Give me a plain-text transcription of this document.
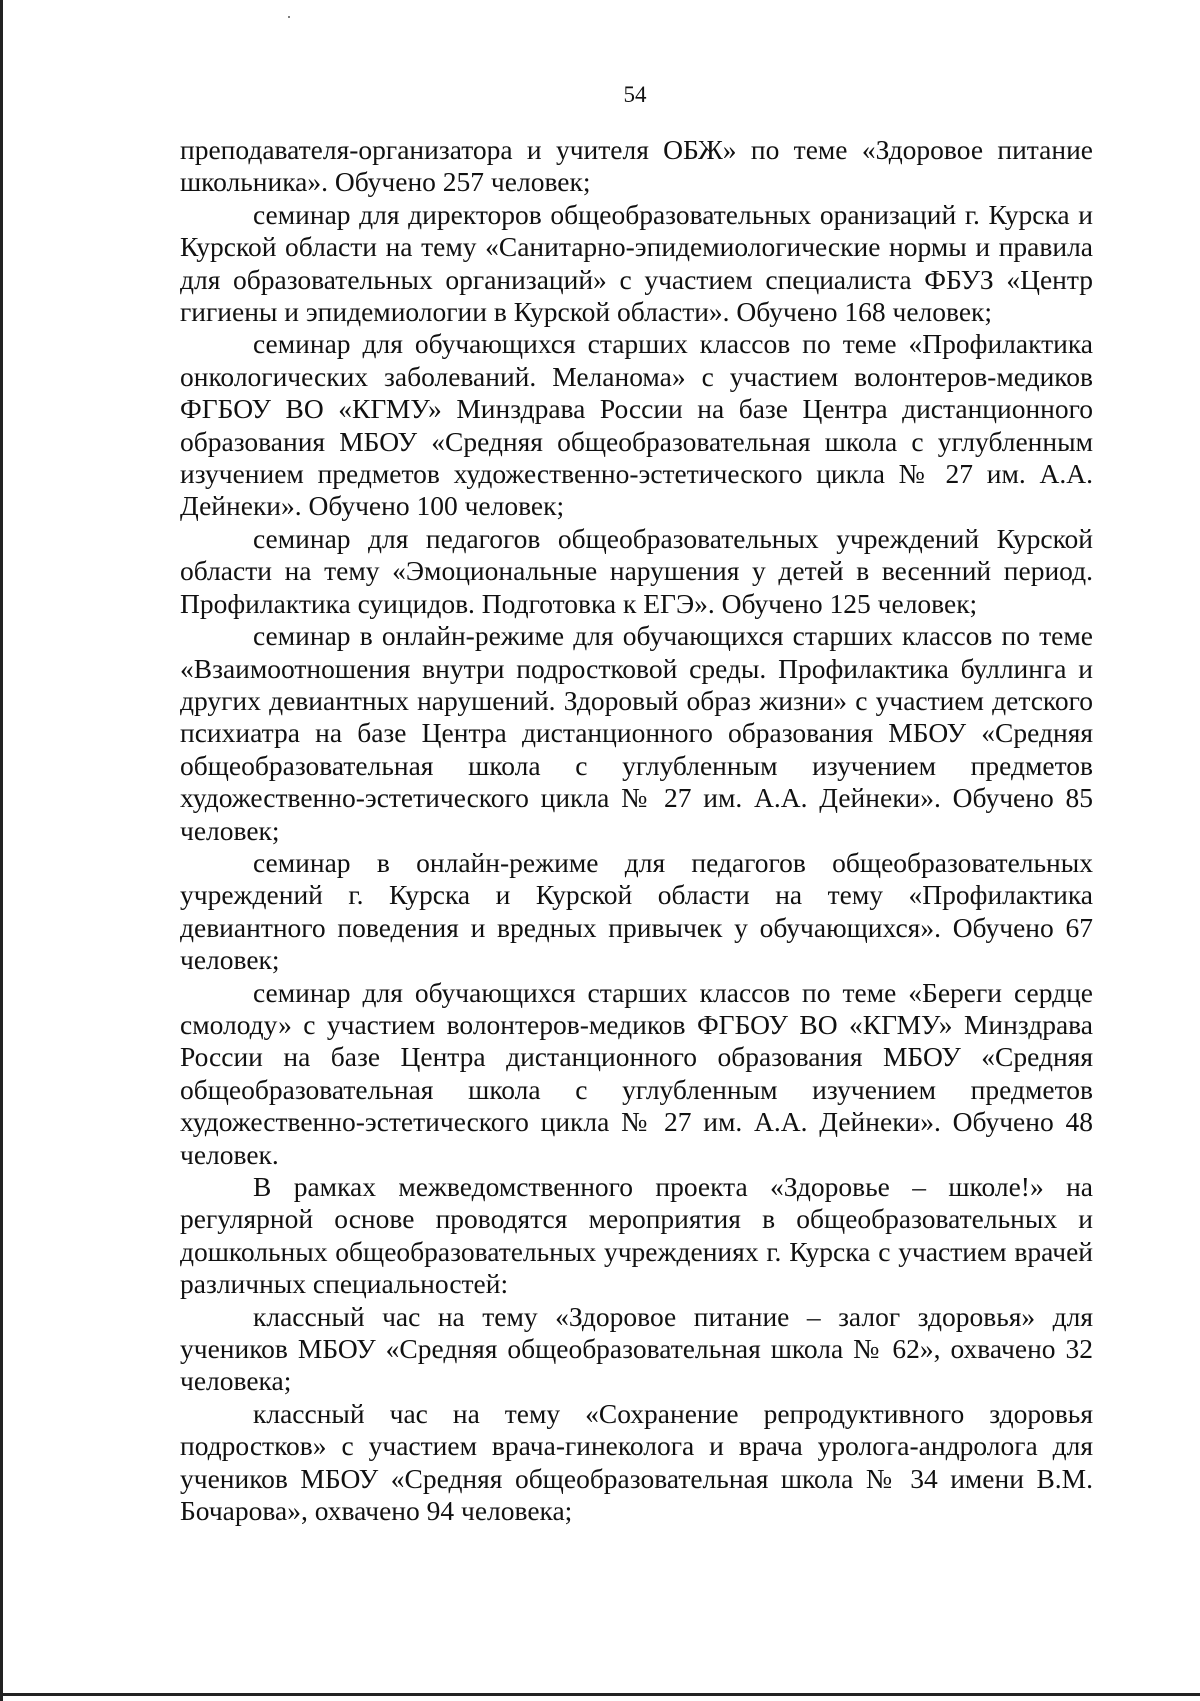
54

преподавателя-организатора и учителя ОБЖ» по теме «Здоровое питание школьника». Обучено 257 человек;

семинар для директоров общеобразовательных оранизаций г. Курска и Курской области на тему «Санитарно-эпидемиологические нормы и правила для образовательных организаций» с участием специалиста ФБУЗ «Центр гигиены и эпидемиологии в Курской области». Обучено 168 человек;

семинар для обучающихся старших классов по теме «Профилактика онкологических заболеваний. Меланома» с участием волонтеров-медиков ФГБОУ ВО «КГМУ» Минздрава России на базе Центра дистанционного образования МБОУ «Средняя общеобразовательная школа с углубленным изучением предметов художественно-эстетического цикла № 27 им. А.А. Дейнеки». Обучено 100 человек;

семинар для педагогов общеобразовательных учреждений Курской области на тему «Эмоциональные нарушения у детей в весенний период. Профилактика суицидов. Подготовка к ЕГЭ». Обучено 125 человек;

семинар в онлайн-режиме для обучающихся старших классов по теме «Взаимоотношения внутри подростковой среды. Профилактика буллинга и других девиантных нарушений. Здоровый образ жизни» с участием детского психиатра на базе Центра дистанционного образования МБОУ «Средняя общеобразовательная школа с углубленным изучением предметов художественно-эстетического цикла № 27 им. А.А. Дейнеки». Обучено 85 человек;

семинар в онлайн-режиме для педагогов общеобразовательных учреждений г. Курска и Курской области на тему «Профилактика девиантного поведения и вредных привычек у обучающихся». Обучено 67 человек;

семинар для обучающихся старших классов по теме «Береги сердце смолоду» с участием волонтеров-медиков ФГБОУ ВО «КГМУ» Минздрава России на базе Центра дистанционного образования МБОУ «Средняя общеобразовательная школа с углубленным изучением предметов художественно-эстетического цикла № 27 им. А.А. Дейнеки». Обучено 48 человек.

В рамках межведомственного проекта «Здоровье – школе!» на регулярной основе проводятся мероприятия в общеобразовательных и дошкольных общеобразовательных учреждениях г. Курска с участием врачей различных специальностей:

классный час на тему «Здоровое питание – залог здоровья» для учеников МБОУ «Средняя общеобразовательная школа № 62», охвачено 32 человека;

классный час на тему «Сохранение репродуктивного здоровья подростков» с участием врача-гинеколога и врача уролога-андролога для учеников МБОУ «Средняя общеобразовательная школа № 34 имени В.М. Бочарова», охвачено 94 человека;
